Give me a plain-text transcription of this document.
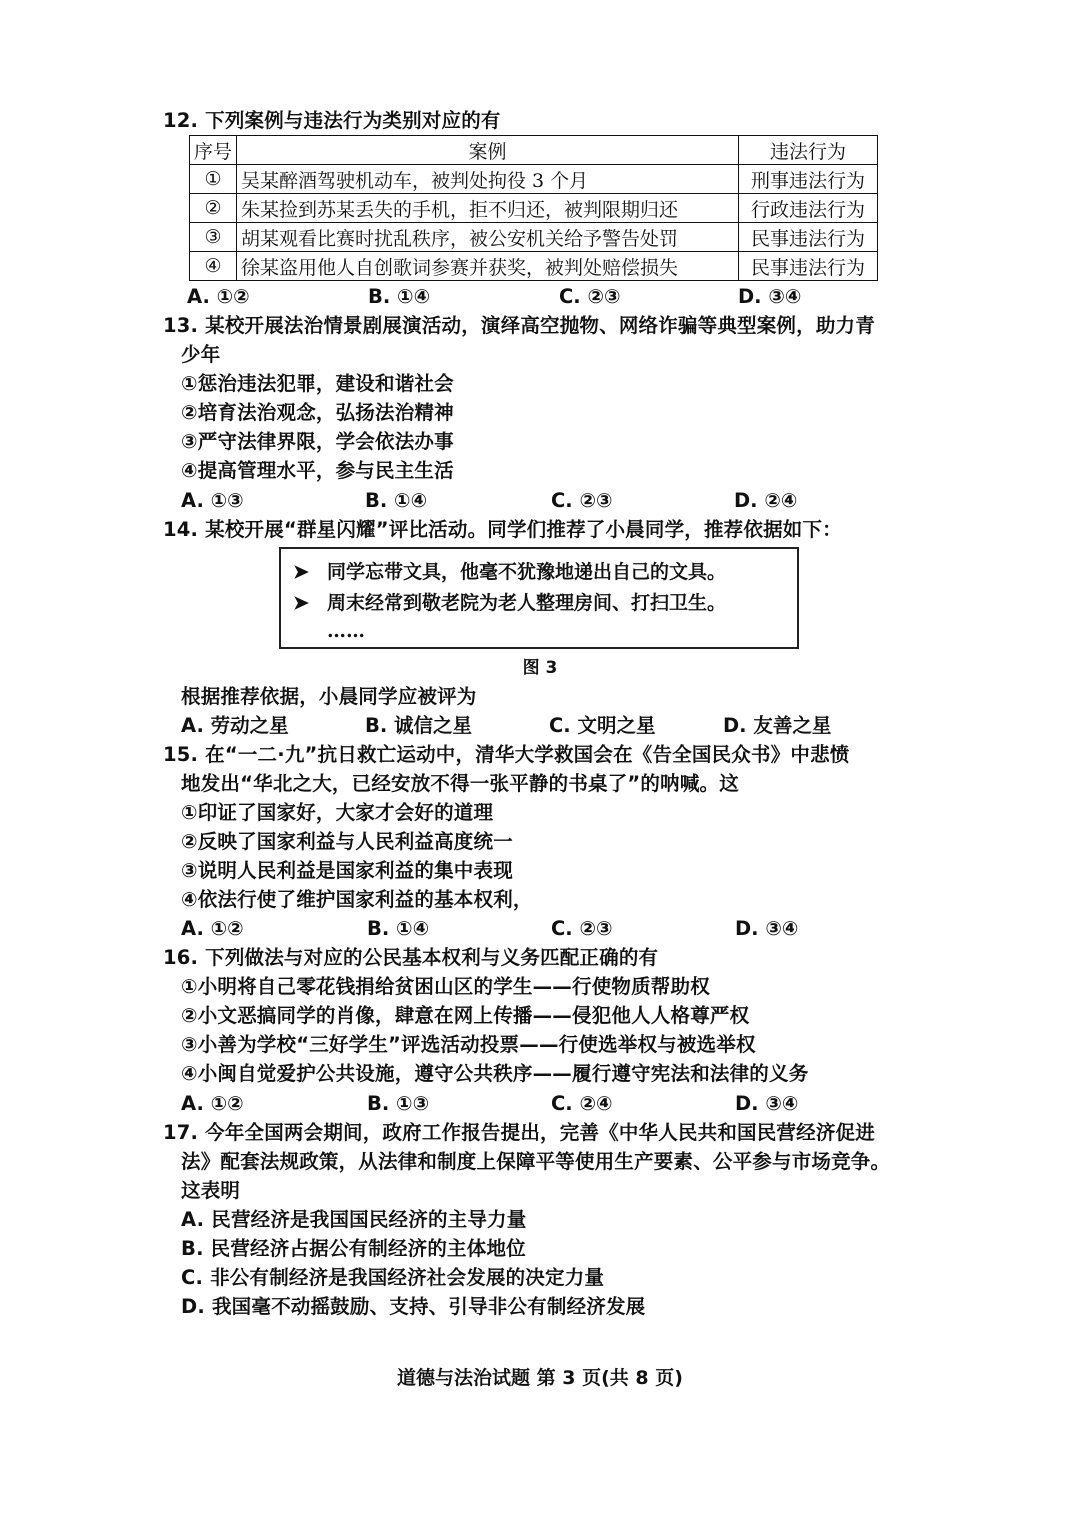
12. 下列案例与违法行为类别对应的有
序号	案例	违法行为
①	吴某醉酒驾驶机动车，被判处拘役 3 个月	刑事违法行为
②	朱某捡到苏某丢失的手机，拒不归还，被判限期归还	行政违法行为
③	胡某观看比赛时扰乱秩序，被公安机关给予警告处罚	民事违法行为
④	徐某盗用他人自创歌词参赛并获奖，被判处赔偿损失	民事违法行为
A. ①②	B. ①④	C. ②③	D. ③④
13. 某校开展法治情景剧展演活动，演绎高空抛物、网络诈骗等典型案例，助力青
少年
①惩治违法犯罪，建设和谐社会
②培育法治观念，弘扬法治精神
③严守法律界限，学会依法办事
④提高管理水平，参与民主生活
A. ①③	B. ①④	C. ②③	D. ②④
14. 某校开展“群星闪耀”评比活动。同学们推荐了小晨同学，推荐依据如下：
➤ 同学忘带文具，他毫不犹豫地递出自己的文具。
➤ 周末经常到敬老院为老人整理房间、打扫卫生。
……
图 3
根据推荐依据，小晨同学应被评为
A. 劳动之星	B. 诚信之星	C. 文明之星	D. 友善之星
15. 在“一二·九”抗日救亡运动中，清华大学救国会在《告全国民众书》中悲愤
地发出“华北之大，已经安放不得一张平静的书桌了”的呐喊。这
①印证了国家好，大家才会好的道理
②反映了国家利益与人民利益高度统一
③说明人民利益是国家利益的集中表现
④依法行使了维护国家利益的基本权利，
A. ①②	B. ①④	C. ②③	D. ③④
16. 下列做法与对应的公民基本权利与义务匹配正确的有
①小明将自己零花钱捐给贫困山区的学生——行使物质帮助权
②小文恶搞同学的肖像，肆意在网上传播——侵犯他人人格尊严权
③小善为学校“三好学生”评选活动投票——行使选举权与被选举权
④小闽自觉爱护公共设施，遵守公共秩序——履行遵守宪法和法律的义务
A. ①②	B. ①③	C. ②④	D. ③④
17. 今年全国两会期间，政府工作报告提出，完善《中华人民共和国民营经济促进
法》配套法规政策，从法律和制度上保障平等使用生产要素、公平参与市场竞争。
这表明
A. 民营经济是我国国民经济的主导力量
B. 民营经济占据公有制经济的主体地位
C. 非公有制经济是我国经济社会发展的决定力量
D. 我国毫不动摇鼓励、支持、引导非公有制经济发展
道德与法治试题 第 3 页(共 8 页)
